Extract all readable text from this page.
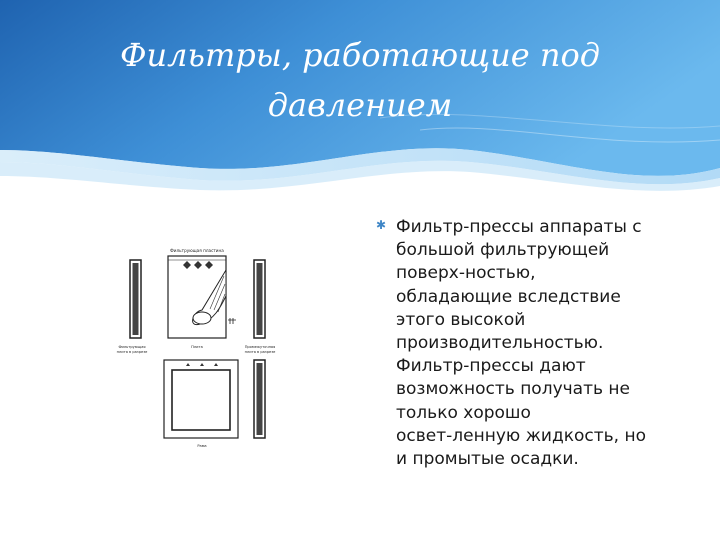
Фильтры, работающие под
давлением
Фильтрующая пластина
Фильтрующая
плита в разрезе
Плита	Промежуточная
плита в разрезе
Рама
✱ Фильтр-прессы аппараты с
большой фильтрующей
поверх-ностью,
обладающие вследствие
этого высокой
производительностью.
Фильтр-прессы дают
возможность получать не
только хорошо
освет-ленную жидкость, но
и промытые осадки.
